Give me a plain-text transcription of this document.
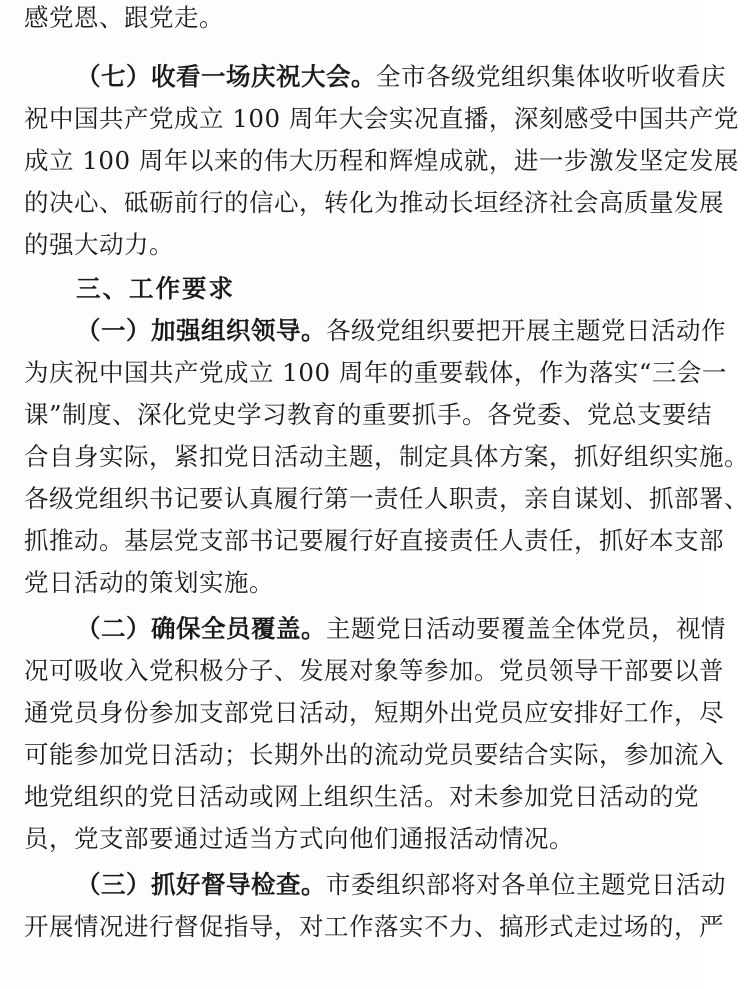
感党恩、跟党走。
（七）收看一场庆祝大会。全市各级党组织集体收听收看庆
祝中国共产党成立 100 周年大会实况直播，深刻感受中国共产党
成立 100 周年以来的伟大历程和辉煌成就，进一步激发坚定发展
的决心、砥砺前行的信心，转化为推动长垣经济社会高质量发展
的强大动力。
三、工作要求
（一）加强组织领导。各级党组织要把开展主题党日活动作
为庆祝中国共产党成立 100 周年的重要载体，作为落实“三会一
课”制度、深化党史学习教育的重要抓手。各党委、党总支要结
合自身实际，紧扣党日活动主题，制定具体方案，抓好组织实施。
各级党组织书记要认真履行第一责任人职责，亲自谋划、抓部署、
抓推动。基层党支部书记要履行好直接责任人责任，抓好本支部
党日活动的策划实施。
（二）确保全员覆盖。主题党日活动要覆盖全体党员，视情
况可吸收入党积极分子、发展对象等参加。党员领导干部要以普
通党员身份参加支部党日活动，短期外出党员应安排好工作，尽
可能参加党日活动；长期外出的流动党员要结合实际，参加流入
地党组织的党日活动或网上组织生活。对未参加党日活动的党
员，党支部要通过适当方式向他们通报活动情况。
（三）抓好督导检查。市委组织部将对各单位主题党日活动
开展情况进行督促指导，对工作落实不力、搞形式走过场的，严
